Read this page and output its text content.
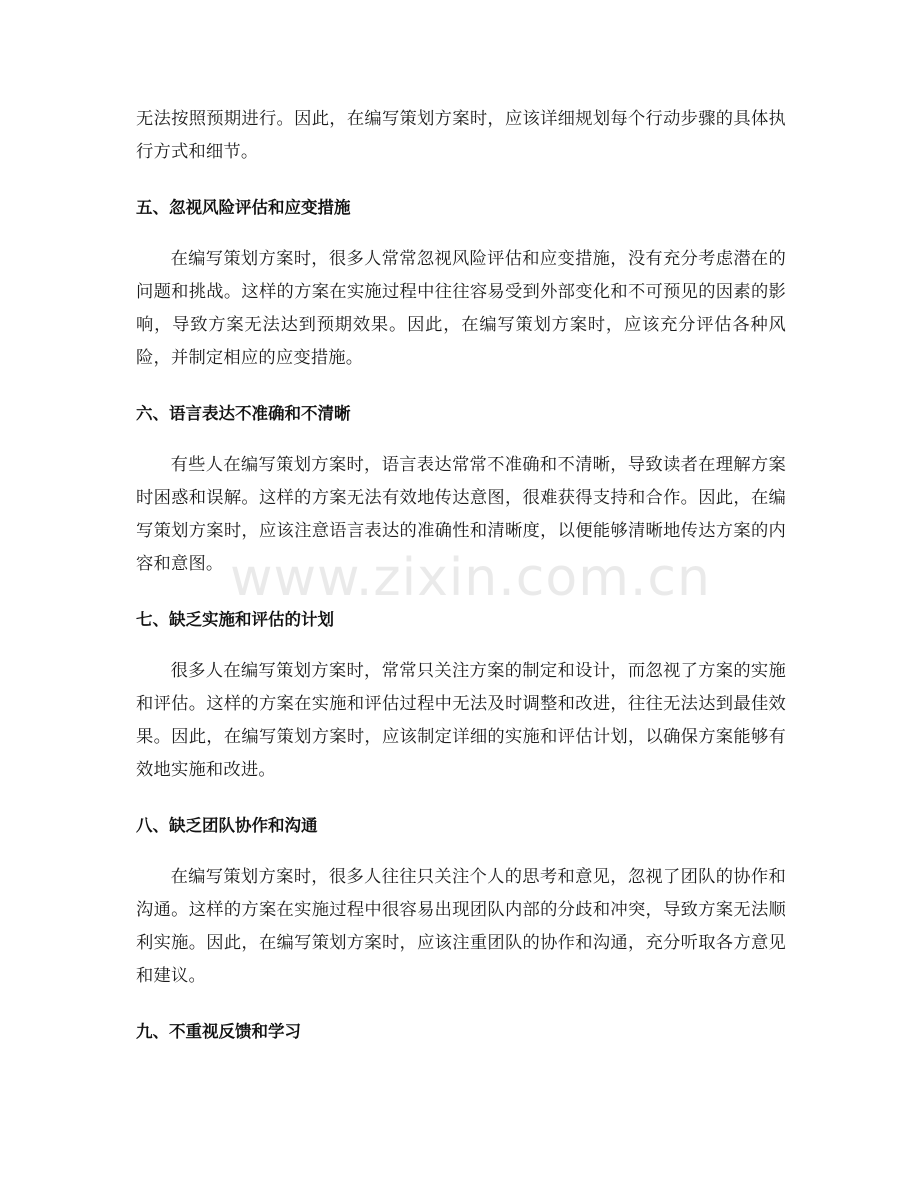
无法按照预期进行。因此，在编写策划方案时，应该详细规划每个行动步骤的具体执行方式和细节。

五、忽视风险评估和应变措施

在编写策划方案时，很多人常常忽视风险评估和应变措施，没有充分考虑潜在的问题和挑战。这样的方案在实施过程中往往容易受到外部变化和不可预见的因素的影响，导致方案无法达到预期效果。因此，在编写策划方案时，应该充分评估各种风险，并制定相应的应变措施。

六、语言表达不准确和不清晰

有些人在编写策划方案时，语言表达常常不准确和不清晰，导致读者在理解方案时困惑和误解。这样的方案无法有效地传达意图，很难获得支持和合作。因此，在编写策划方案时，应该注意语言表达的准确性和清晰度，以便能够清晰地传达方案的内容和意图。

七、缺乏实施和评估的计划

很多人在编写策划方案时，常常只关注方案的制定和设计，而忽视了方案的实施和评估。这样的方案在实施和评估过程中无法及时调整和改进，往往无法达到最佳效果。因此，在编写策划方案时，应该制定详细的实施和评估计划，以确保方案能够有效地实施和改进。

八、缺乏团队协作和沟通

在编写策划方案时，很多人往往只关注个人的思考和意见，忽视了团队的协作和沟通。这样的方案在实施过程中很容易出现团队内部的分歧和冲突，导致方案无法顺利实施。因此，在编写策划方案时，应该注重团队的协作和沟通，充分听取各方意见和建议。

九、不重视反馈和学习
www.zixin.com.cn
